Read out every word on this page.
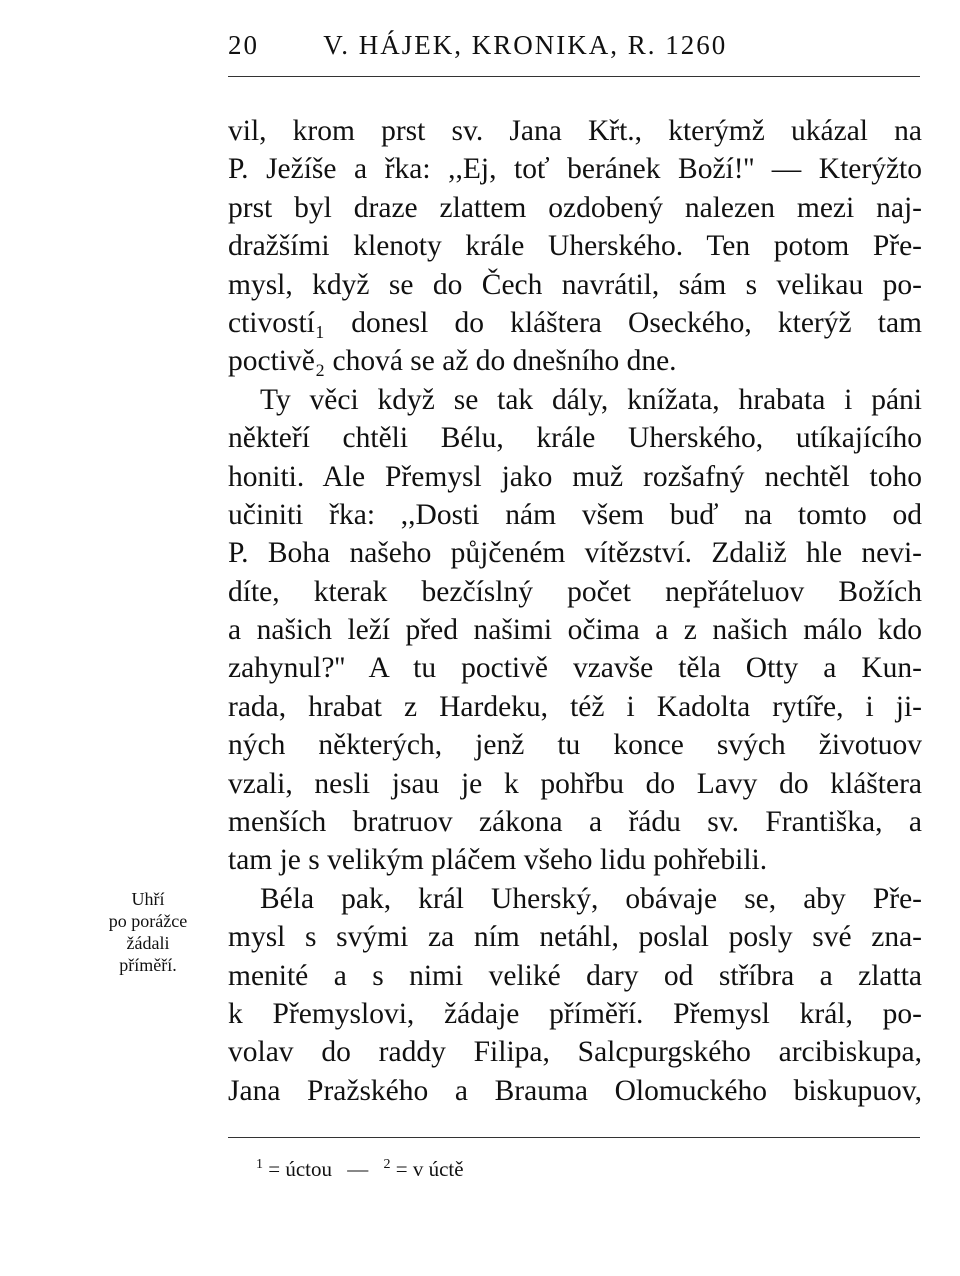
20 V. HÁJEK, KRONIKA, R. 1260
vil, krom prst sv. Jana Křt., kterýmž ukázal na
P. Ježíše a řka: ,,Ej, toť beránek Boží!'' — Kterýžto
prst byl draze zlattem ozdobený nalezen mezi naj-
dražšími klenoty krále Uherského. Ten potom Pře-
mysl, když se do Čech navrátil, sám s velikau po-
ctivostí₁ donesl do kláštera Oseckého, kterýž tam
poctivě₂ chová se až do dnešního dne.
Ty věci když se tak dály, knížata, hrabata i páni
někteří chtěli Bélu, krále Uherského, utíkajícího
honiti. Ale Přemysl jako muž rozšafný nechtěl toho
učiniti řka: ,,Dosti nám všem buď na tomto od
P. Boha našeho půjčeném vítězství. Zdaliž hle nevi-
díte, kterak bezčíslný počet nepřáteluov Božích
a našich leží před našimi očima a z našich málo kdo
zahynul?'' A tu poctivě vzavše těla Otty a Kun-
rada, hrabat z Hardeku, též i Kadolta rytíře, i ji-
ných některých, jenž tu konce svých životuov
vzali, nesli jsau je k pohřbu do Lavy do kláštera
menších bratruov zákona a řádu sv. Františka, a
tam je s velikým pláčem všeho lidu pohřebili.
Béla pak, král Uherský, obávaje se, aby Pře-
mysl s svými za ním netáhl, poslal posly své zna-
menité a s nimi veliké dary od stříbra a zlatta
k Přemyslovi, žádaje příměří. Přemysl král, po-
volav do raddy Filipa, Salcpurgského arcibiskupa,
Jana Pražského a Brauma Olomuckého biskupuov,
Uhří
po porážce
žádali
příměří.
$^1$ = úctou — $^2$ = v úctě
